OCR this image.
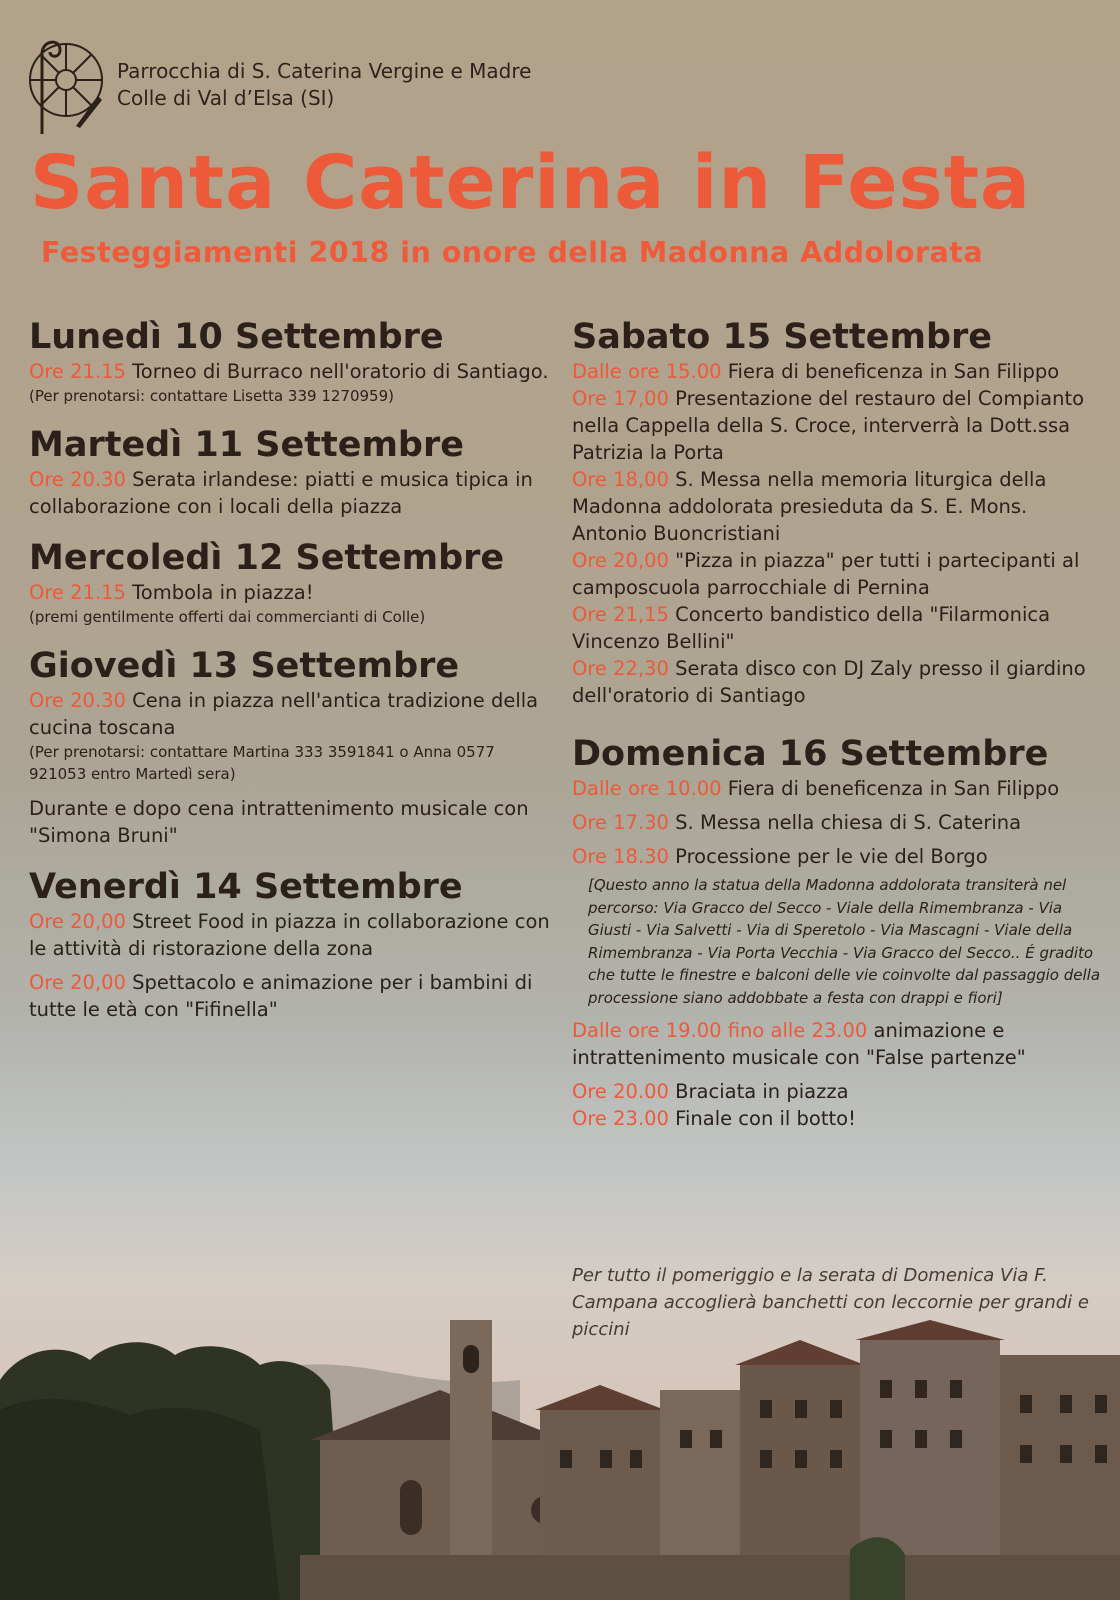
Parrocchia di S. Caterina Vergine e Madre
Colle di Val d’Elsa (SI)
Santa Caterina in Festa
Festeggiamenti 2018 in onore della Madonna Addolorata
Lunedì 10 Settembre
Ore 21.15 Torneo di Burraco nell'oratorio di Santiago.
(Per prenotarsi: contattare Lisetta 339 1270959)
Martedì 11 Settembre
Ore 20.30 Serata irlandese: piatti e musica tipica in collaborazione con i locali della piazza
Mercoledì 12 Settembre
Ore 21.15 Tombola in piazza!
(premi gentilmente offerti dai commercianti di Colle)
Giovedì 13 Settembre
Ore 20.30 Cena in piazza nell'antica tradizione della cucina toscana
(Per prenotarsi: contattare Martina 333 3591841 o Anna 0577 921053 entro Martedì sera)
Durante e dopo cena intrattenimento musicale con "Simona Bruni"
Venerdì 14 Settembre
Ore 20,00 Street Food in piazza in collaborazione con le attività di ristorazione della zona
Ore 20,00 Spettacolo e animazione per i bambini di tutte le età con "Fifinella"
Sabato 15 Settembre
Dalle ore 15.00 Fiera di beneficenza in San Filippo
Ore 17,00 Presentazione del restauro del Compianto nella Cappella della S. Croce, interverrà la Dott.ssa Patrizia la Porta
Ore 18,00 S. Messa nella memoria liturgica della Madonna addolorata presieduta da S. E. Mons. Antonio Buoncristiani
Ore 20,00 "Pizza in piazza" per tutti i partecipanti al camposcuola parrocchiale di Pernina
Ore 21,15 Concerto bandistico della "Filarmonica Vincenzo Bellini"
Ore 22,30 Serata disco con DJ Zaly presso il giardino dell'oratorio di Santiago
Domenica 16 Settembre
Dalle ore 10.00 Fiera di beneficenza in San Filippo
Ore 17.30 S. Messa nella chiesa di S. Caterina
Ore 18.30 Processione per le vie del Borgo
[Questo anno la statua della Madonna addolorata transiterà nel percorso: Via Gracco del Secco - Viale della Rimembranza - Via Giusti - Via Salvetti - Via di Speretolo - Via Mascagni - Viale della Rimembranza - Via Porta Vecchia - Via Gracco del Secco.. É gradito che tutte le finestre e balconi delle vie coinvolte dal passaggio della processione siano addobbate a festa con drappi e fiori]
Dalle ore 19.00 fino alle 23.00 animazione e intrattenimento musicale con "False partenze"
Ore 20.00 Braciata in piazza
Ore 23.00 Finale con il botto!
Per tutto il pomeriggio e la serata di Domenica Via F. Campana accoglierà banchetti con leccornie per grandi e piccini
